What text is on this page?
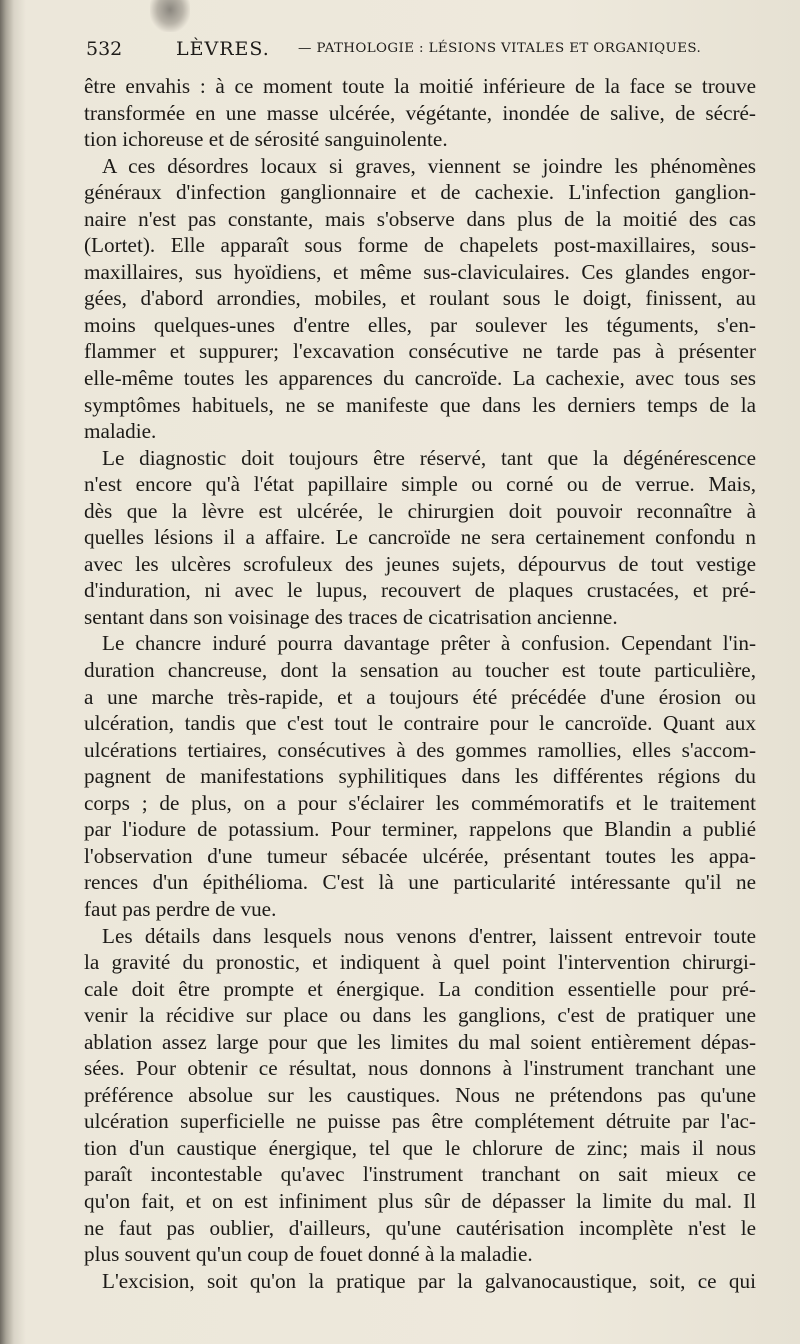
532	LÈVRES. — PATHOLOGIE : LÉSIONS VITALES ET ORGANIQUES.
être envahis : à ce moment toute la moitié inférieure de la face se trouve
transformée en une masse ulcérée, végétante, inondée de salive, de sécré-
tion ichoreuse et de sérosité sanguinolente.
A ces désordres locaux si graves, viennent se joindre les phénomènes
généraux d'infection ganglionnaire et de cachexie. L'infection ganglion-
naire n'est pas constante, mais s'observe dans plus de la moitié des cas
(Lortet). Elle apparaît sous forme de chapelets post-maxillaires, sous-
maxillaires, sus hyoïdiens, et même sus-claviculaires. Ces glandes engor-
gées, d'abord arrondies, mobiles, et roulant sous le doigt, finissent, au
moins quelques-unes d'entre elles, par soulever les téguments, s'en-
flammer et suppurer; l'excavation consécutive ne tarde pas à présenter
elle-même toutes les apparences du cancroïde. La cachexie, avec tous ses
symptômes habituels, ne se manifeste que dans les derniers temps de la
maladie.
Le diagnostic doit toujours être réservé, tant que la dégénérescence
n'est encore qu'à l'état papillaire simple ou corné ou de verrue. Mais,
dès que la lèvre est ulcérée, le chirurgien doit pouvoir reconnaître à
quelles lésions il a affaire. Le cancroïde ne sera certainement confondu n
avec les ulcères scrofuleux des jeunes sujets, dépourvus de tout vestige
d'induration, ni avec le lupus, recouvert de plaques crustacées, et pré-
sentant dans son voisinage des traces de cicatrisation ancienne.
Le chancre induré pourra davantage prêter à confusion. Cependant l'in-
duration chancreuse, dont la sensation au toucher est toute particulière,
a une marche très-rapide, et a toujours été précédée d'une érosion ou
ulcération, tandis que c'est tout le contraire pour le cancroïde. Quant aux
ulcérations tertiaires, consécutives à des gommes ramollies, elles s'accom-
pagnent de manifestations syphilitiques dans les différentes régions du
corps ; de plus, on a pour s'éclairer les commémoratifs et le traitement
par l'iodure de potassium. Pour terminer, rappelons que Blandin a publié
l'observation d'une tumeur sébacée ulcérée, présentant toutes les appa-
rences d'un épithélioma. C'est là une particularité intéressante qu'il ne
faut pas perdre de vue.
Les détails dans lesquels nous venons d'entrer, laissent entrevoir toute
la gravité du pronostic, et indiquent à quel point l'intervention chirurgi-
cale doit être prompte et énergique. La condition essentielle pour pré-
venir la récidive sur place ou dans les ganglions, c'est de pratiquer une
ablation assez large pour que les limites du mal soient entièrement dépas-
sées. Pour obtenir ce résultat, nous donnons à l'instrument tranchant une
préférence absolue sur les caustiques. Nous ne prétendons pas qu'une
ulcération superficielle ne puisse pas être complétement détruite par l'ac-
tion d'un caustique énergique, tel que le chlorure de zinc; mais il nous
paraît incontestable qu'avec l'instrument tranchant on sait mieux ce
qu'on fait, et on est infiniment plus sûr de dépasser la limite du mal. Il
ne faut pas oublier, d'ailleurs, qu'une cautérisation incomplète n'est le
plus souvent qu'un coup de fouet donné à la maladie.
L'excision, soit qu'on la pratique par la galvanocaustique, soit, ce qui
